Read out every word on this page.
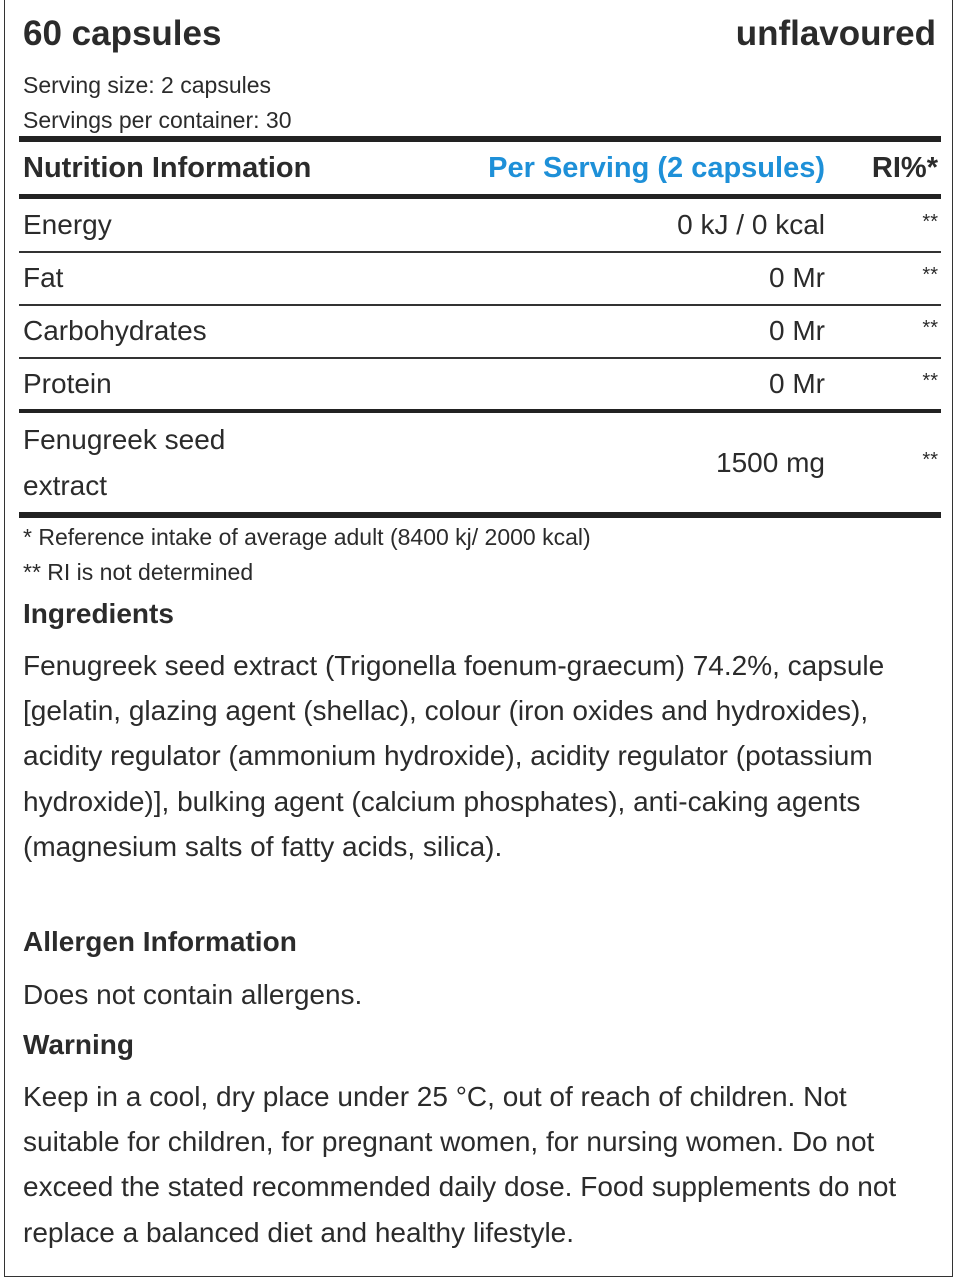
60 capsules	unflavoured
Serving size: 2 capsules
Servings per container: 30
Nutrition Information	Per Serving (2 capsules) RI%*
Energy	0 kJ / 0 kcal	**
Fat	0 Mr	**
Carbohydrates	0 Mr	**
Protein	0 Mr	**
Fenugreek seed
extract
1500 mg	**
* Reference intake of average adult (8400 kj/ 2000 kcal)
** RI is not determined
Ingredients
Fenugreek seed extract (Trigonella foenum-graecum) 74.2%, capsule [gelatin, glazing agent (shellac), colour (iron oxides and hydroxides), acidity regulator (ammonium hydroxide), acidity regulator (potassium hydroxide)], bulking agent (calcium phosphates), anti-caking agents (magnesium salts of fatty acids, silica).
Allergen Information
Does not contain allergens.
Warning
Keep in a cool, dry place under 25 °C, out of reach of children. Not suitable for children, for pregnant women, for nursing women. Do not exceed the stated recommended daily dose. Food supplements do not replace a balanced diet and healthy lifestyle.
